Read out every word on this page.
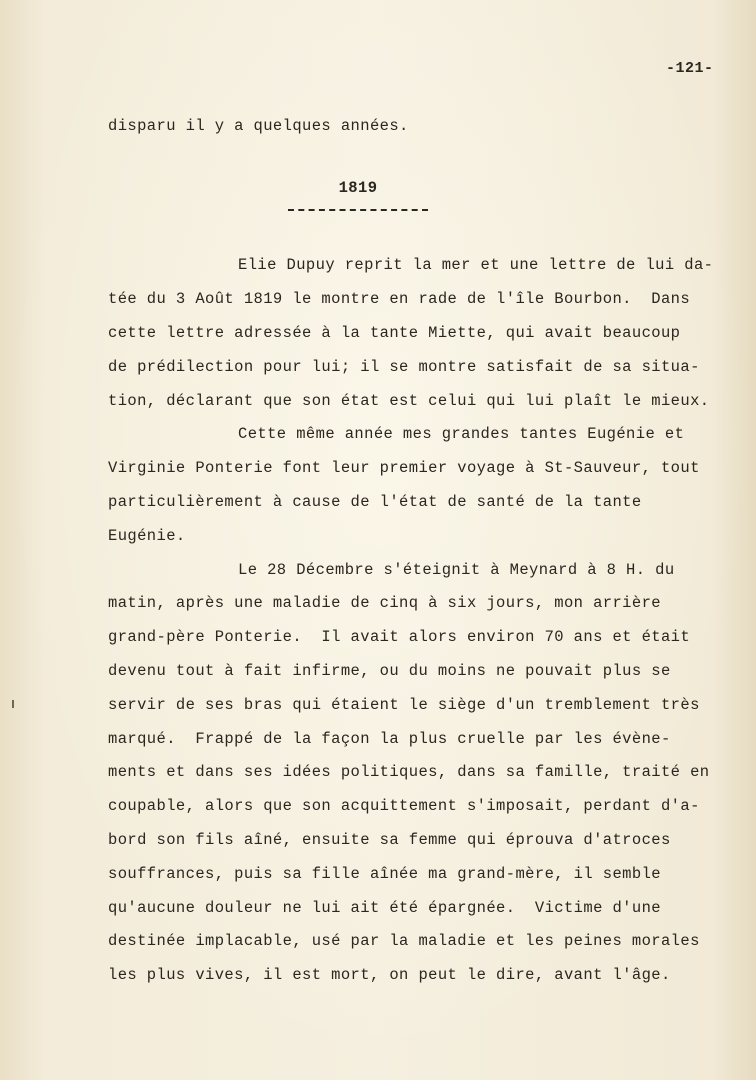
-121-
disparu il y a quelques années.
1819
Elie Dupuy reprit la mer et une lettre de lui da-
tée du 3 Août 1819 le montre en rade de l'île Bourbon.  Dans
cette lettre adressée à la tante Miette, qui avait beaucoup
de prédilection pour lui; il se montre satisfait de sa situa-
tion, déclarant que son état est celui qui lui plaît le mieux.
Cette même année mes grandes tantes Eugénie et
Virginie Ponterie font leur premier voyage à St-Sauveur, tout
particulièrement à cause de l'état de santé de la tante
Eugénie.
Le 28 Décembre s'éteignit à Meynard à 8 H. du
matin, après une maladie de cinq à six jours, mon arrière
grand-père Ponterie.  Il avait alors environ 70 ans et était
devenu tout à fait infirme, ou du moins ne pouvait plus se
servir de ses bras qui étaient le siège d'un tremblement très
marqué.  Frappé de la façon la plus cruelle par les évène-
ments et dans ses idées politiques, dans sa famille, traité en
coupable, alors que son acquittement s'imposait, perdant d'a-
bord son fils aîné, ensuite sa femme qui éprouva d'atroces
souffrances, puis sa fille aînée ma grand-mère, il semble
qu'aucune douleur ne lui ait été épargnée.  Victime d'une
destinée implacable, usé par la maladie et les peines morales
les plus vives, il est mort, on peut le dire, avant l'âge.
